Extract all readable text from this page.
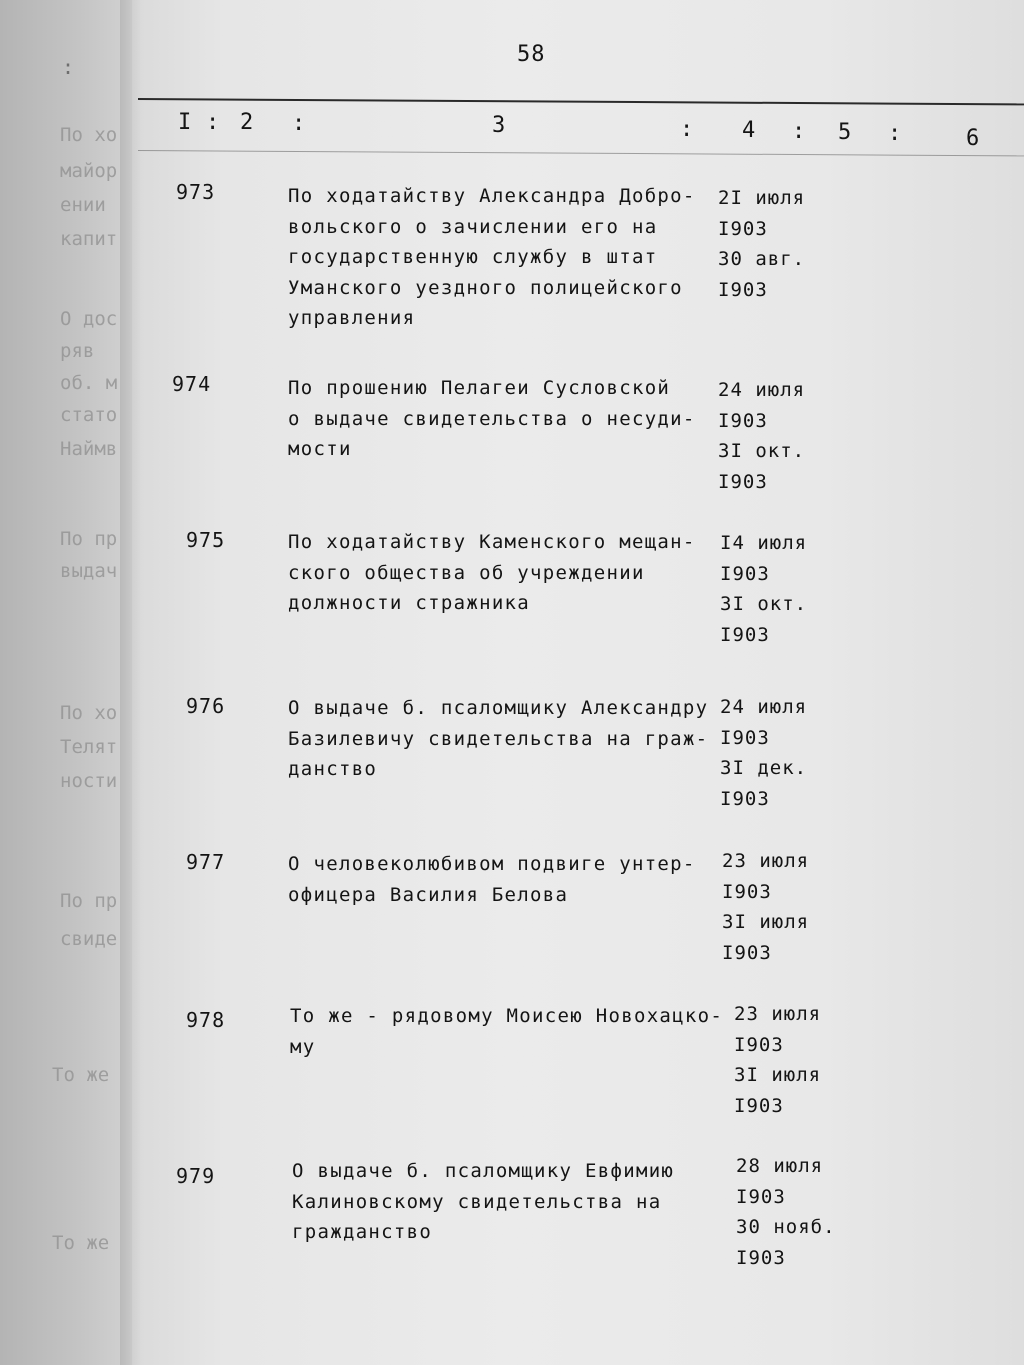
По хо
майор
ении
капит
О дос
ряв
об. м
стато
Наймв
По пр
выдач
По хо
Телят
ности
По пр
свиде
То же
То же
:	58
I : 2 :	3	: 4 : 5 :	6
973	По ходатайству Александра Добро-
вольского о зачислении его на
государственную службу в штат
Уманского уездного полицейского
управления
2I июля
I903
30 авг.
I903
974	По прошению Пелагеи Сусловской
о выдаче свидетельства о несуди-
мости
24 июля
I903
3I окт.
I903
975	По ходатайству Каменского мещан-
ского общества об учреждении
должности стражника
I4 июля
I903
3I окт.
I903
976	О выдаче б. псаломщику Александру
Базилевичу свидетельства на граж-
данство
24 июля
I903
3I дек.
I903
977	О человеколюбивом подвиге унтер-
офицера Василия Белова
23 июля
I903
3I июля
I903
978	То же - рядовому Моисею Новохацко-
му
23 июля
I903
3I июля
I903
979	О выдаче б. псаломщику Евфимию
Калиновскому свидетельства на
гражданство
28 июля
I903
30 нояб.
I903
